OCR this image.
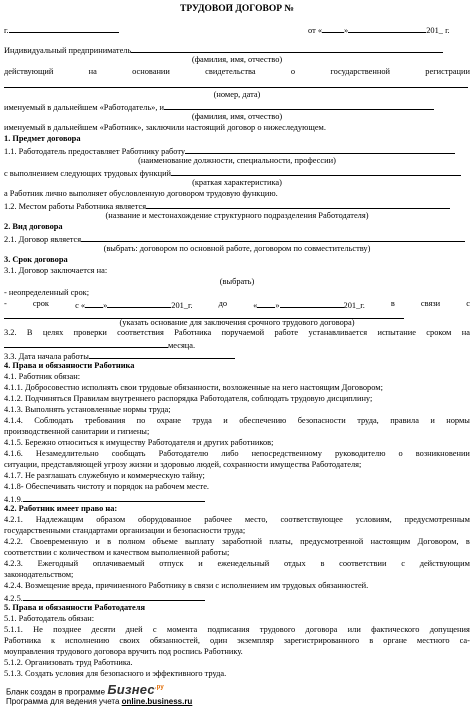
ТРУДОВОЙ ДОГОВОР №
г.	от «	»	201_ г.
Индивидуальный предприниматель
(фамилия, имя, отчество)
действующий	на	основании	свидетельства	о	государственной	регистрации
(номер, дата)
именуемый в дальнейшем «Работодатель», и
(фамилия, имя, отчество)
именуемый в дальнейшем «Работник», заключили настоящий договор о нижеследующем.
1. Предмет договора
1.1. Работодатель предоставляет Работнику работу
(наименование должности, специальности, профессии)
с выполнением следующих трудовых функций
(краткая характеристика)
а Работник лично выполняет обусловленную договором трудовую функцию.
1.2. Местом работы Работника является
(название и местонахождение структурного подразделения Работодателя)
2. Вид договора
2.1. Договор является
(выбрать: договором по основной работе, договором по совместительству)
3. Срок договора
3.1. Договор заключается на:
(выбрать)
- неопределенный срок;
-	срок	с « »	201_г.	до	« »	201_г.	в	связи	с
(указать основание для заключения срочного трудового договора)
3.2. В целях проверки соответствия Работника поручаемой работе устанавливается испытание сроком на
месяца.
3.3. Дата начала работы
4. Права и обязанности Работника
4.1. Работник обязан:
4.1.1. Добросовестно исполнять свои трудовые обязанности, возложенные на него настоящим Договором;
4.1.2. Подчиняться Правилам внутреннего распорядка Работодателя, соблюдать трудовую дисциплину;
4.1.3. Выполнять установленные нормы труда;
4.1.4. Соблюдать требования по охране труда и обеспечению безопасности труда, правила и нормы
производственной санитарии и гигиены;
4.1.5. Бережно относиться к имуществу Работодателя и других работников;
4.1.6. Незамедлительно сообщать Работодателю либо непосредственному руководителю о возникновении
ситуации, представляющей угрозу жизни и здоровью людей, сохранности имущества Работодателя;
4.1.7. Не разглашать служебную и коммерческую тайну;
4.1.8- Обеспечивать чистоту и порядок на рабочем месте.
4.1.9.
4.2. Работник имеет право на:
4.2.1. Надлежащим образом оборудованное рабочее место, соответствующее условиям, предусмотренным
государственными стандартами организации и безопасности труда;
4.2.2. Своевременную и в полном объеме выплату заработной платы, предусмотренной настоящим Договором, в
соответствии с количеством и качеством выполненной работы;
4.2.3. Ежегодный оплачиваемый отпуск и еженедельный отдых в соответствии с действующим
законодательством;
4.2.4. Возмещение вреда, причиненного Работнику в связи с исполнением им трудовых обязанностей.
4.2.5.
5. Права и обязанности Работодателя
5.1. Работодатель обязан:
5.1.1. Не позднее десяти дней с момента подписания трудового договора или фактического допущения
Работника к исполнению своих обязанностей, один экземпляр зарегистрированного в органе местного са-
моуправления трудового договора вручить под роспись Работнику.
5.1.2. Организовать труд Работника.
5.1.3. Создать условия для безопасного и эффективного труда.
Бланк создан в программе Бизнес$^{.ру}$
Программа для ведения учета online.business.ru
